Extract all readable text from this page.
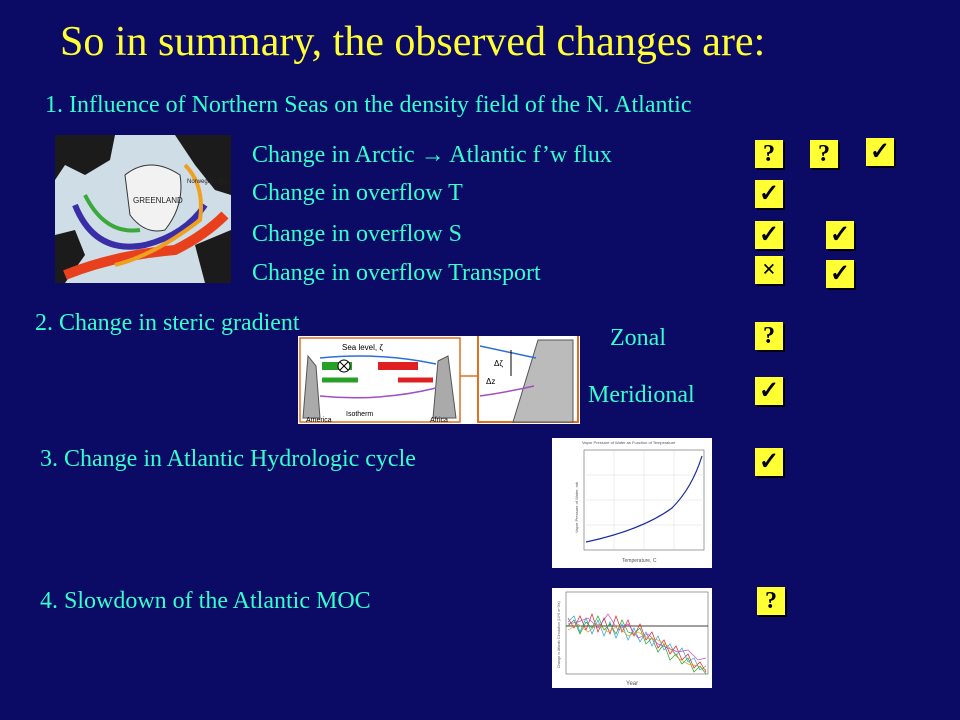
So in summary, the observed changes are:
1. Influence of Northern Seas on the density field of the N. Atlantic
GREENLAND
Norwegian Sea
Change in Arctic → Atlantic f’w flux	?	?	✓
Change in overflow T	✓
Change in overflow S	✓ ✓
Change in overflow Transport	× ✓
2. Change in steric gradient
Sea level, ζ
Isotherm
America	Africa
Δζ
Δz
Zonal	?
Meridional	✓
3. Change in Atlantic Hydrologic cycle
Vapor Pressure of Water as Function of Temperature
Temperature, C
Vapor Pressure of Water, mb
✓
4. Slowdown of the Atlantic MOC
Year
Change in Atlantic Circulation (10^6 m^3/s)
?
